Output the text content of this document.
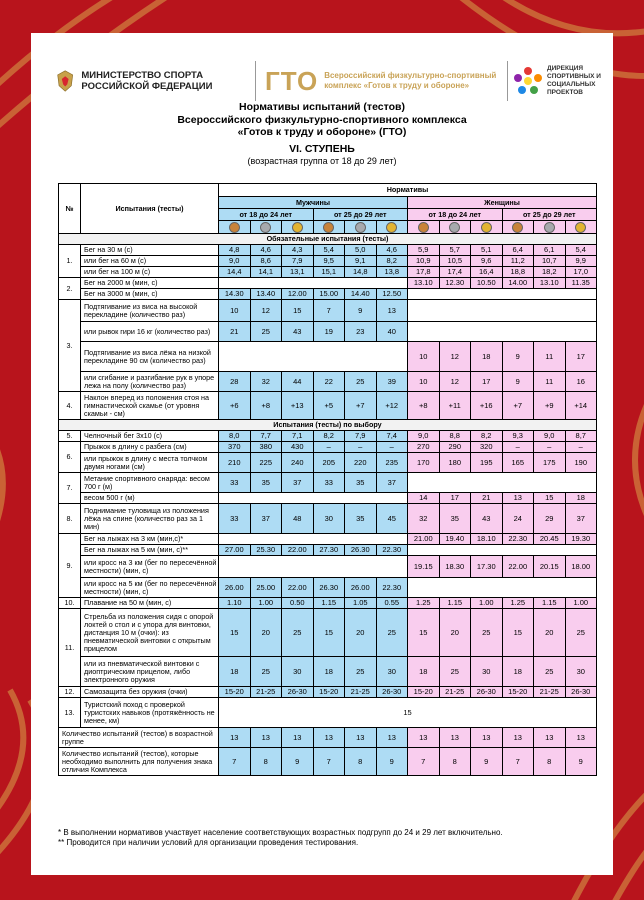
МИНИСТЕРСТВО СПОРТА РОССИЙСКОЙ ФЕДЕРАЦИИ	ГТО Всероссийский физкультурно-спортивный комплекс «Готов к труду и обороне»
ДИРЕКЦИЯ СПОРТИВНЫХ И СОЦИАЛЬНЫХ ПРОЕКТОВ
Нормативы испытаний (тестов)
Всероссийского физкультурно-спортивного комплекса
«Готов к труду и обороне» (ГТО)
VI. СТУПЕНЬ
(возрастная группа от 18 до 29 лет)
№	Испытания (тесты)	Нормативы											
		Мужчины						Женщины					
		от 18 до 24 лет			от 25 до 29 лет			от 18 до 24 лет			от 25 до 29 лет		

Обязательные испытания (тесты)													
1.	Бег на 30 м (с)	4,8	4,6	4,3	5,4	5,0	4,6	5,9	5,7	5,1	6,4	6,1	5,4
	или бег на 60 м (с)	9,0	8,6	7,9	9,5	9,1	8,2	10,9	10,5	9,6	11,2	10,7	9,9
	или бег на 100 м (с)	14,4	14,1	13,1	15,1	14,8	13,8	17,8	17,4	16,4	18,8	18,2	17,0
2.	Бег на 2000 м (мин, с)							13.10	12.30	10.50	14.00	13.10	11.35
	Бег на 3000 м (мин, с)	14.30	13.40	12.00	15.00	14.40	12.50						
3.	Подтягивание из виса на высокой перекладине (количество раз)	10	12	15	7	9	13						
	или рывок гири 16 кг (количество раз)	21	25	43	19	23	40						
	Подтягивание из виса лёжа на низкой перекладине 90 см (количество раз)							10	12	18	9	11	17
	или сгибание и разгибание рук в упоре лежа на полу (количество раз)	28	32	44	22	25	39	10	12	17	9	11	16
4.	Наклон вперед из положения стоя на гимнастической скамье (от уровня скамьи - см)	+6	+8	+13	+5	+7	+12	+8	+11	+16	+7	+9	+14
Испытания (тесты) по выбору													
5.	Челночный бег 3х10 (с)	8,0	7,7	7,1	8,2	7,9	7,4	9,0	8,8	8,2	9,3	9,0	8,7
6.	Прыжок в длину с разбега (см)	370	380	430	–	–	–	270	290	320	–	–	–
	или прыжок в длину с места толчком двумя ногами (см)	210	225	240	205	220	235	170	180	195	165	175	190
7.	Метание спортивного снаряда: весом 700 г (м)	33	35	37	33	35	37						
	весом 500 г (м)							14	17	21	13	15	18
8.	Поднимание туловища из положения лёжа на спине (количество раз за 1 мин)	33	37	48	30	35	45	32	35	43	24	29	37
9.	Бег на лыжах на 3 км (мин,с)*							21.00	19.40	18.10	22.30	20.45	19.30
	Бег на лыжах на 5 км (мин, с)**	27.00	25.30	22.00	27.30	26.30	22.30						
	или кросс на 3 км (бег по пересечённой местности) (мин, с)							19.15	18.30	17.30	22.00	20.15	18.00
	или кросс на 5 км (бег по пересечённой местности) (мин, с)	26.00	25.00	22.00	26.30	26.00	22.30						
10.	Плавание на 50 м (мин, с)	1.10	1.00	0.50	1.15	1.05	0.55	1.25	1.15	1.00	1.25	1.15	1.00
11.	Стрельба из положения сидя с опорой локтей о стол и с упора для винтовки, дистанция 10 м (очки): из пневматической винтовки с открытым прицелом	15	20	25	15	20	25	15	20	25	15	20	25
	или из пневматической винтовки с диоптрическим прицелом, либо электронного оружия	18	25	30	18	25	30	18	25	30	18	25	30
12.	Самозащита без оружия (очки)	15-20	21-25	26-30	15-20	21-25	26-30	15-20	21-25	26-30	15-20	21-25	26-30
13.	Туристский поход с проверкой туристских навыков (протяжённость не менее, км)	15											
Количество испытаний (тестов) в возрастной группе		13	13	13	13	13	13	13	13	13	13	13	13
Количество испытаний (тестов), которые необходимо выполнить для получения знака отличия Комплекса		7	8	9	7	8	9	7	8	9	7	8	9
* В выполнении нормативов участвует население соответствующих возрастных подгрупп до 24 и 29 лет включительно.
** Проводится при наличии условий для организации проведения тестирования.
